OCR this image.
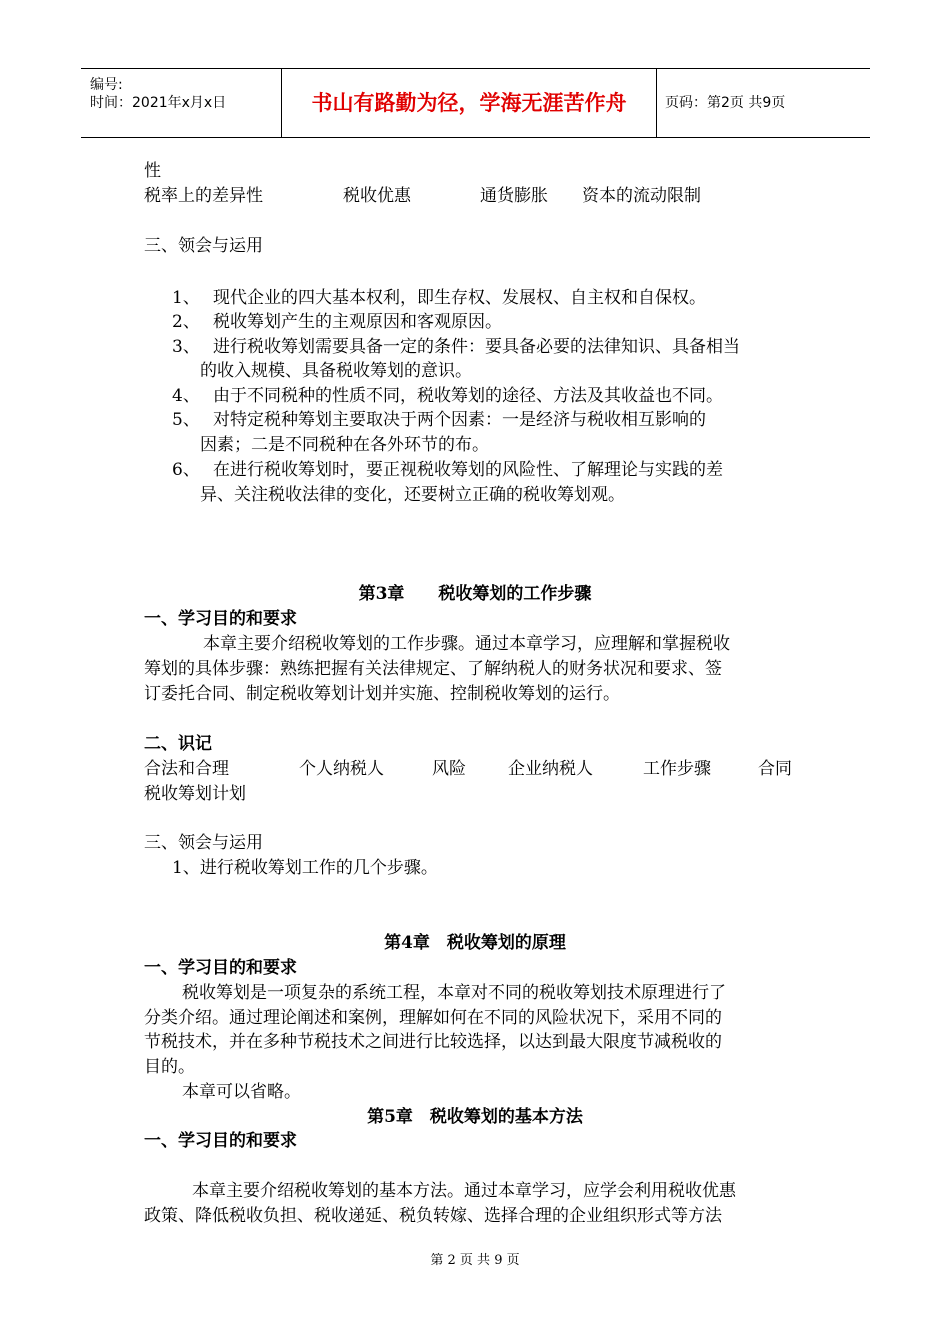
编号:
时间：2021年x月x日	书山有路勤为径，学海无涯苦作舟	页码：第2页 共9页
性
税率上的差异性	税收优惠	通货膨胀 资本的流动限制
三、领会与运用
1、 现代企业的四大基本权利，即生存权、发展权、自主权和自保权。
2、 税收筹划产生的主观原因和客观原因。
3、 进行税收筹划需要具备一定的条件：要具备必要的法律知识、具备相当
的收入规模、具备税收筹划的意识。
4、 由于不同税种的性质不同，税收筹划的途径、方法及其收益也不同。
5、 对特定税种筹划主要取决于两个因素：一是经济与税收相互影响的
因素；二是不同税种在各外环节的布。
6、 在进行税收筹划时，要正视税收筹划的风险性、了解理论与实践的差
异、关注税收法律的变化，还要树立正确的税收筹划观。
第3章　　税收筹划的工作步骤
一、学习目的和要求
本章主要介绍税收筹划的工作步骤。通过本章学习，应理解和掌握税收
筹划的具体步骤：熟练把握有关法律规定、了解纳税人的财务状况和要求、签
订委托合同、制定税收筹划计划并实施、控制税收筹划的运行。
二、识记
合法和合理	个人纳税人	风险 企业纳税人	工作步骤	合同
税收筹划计划
三、领会与运用
1、进行税收筹划工作的几个步骤。
第4章　税收筹划的原理
一、学习目的和要求
税收筹划是一项复杂的系统工程，本章对不同的税收筹划技术原理进行了
分类介绍。通过理论阐述和案例，理解如何在不同的风险状况下，采用不同的
节税技术，并在多种节税技术之间进行比较选择，以达到最大限度节减税收的
目的。
本章可以省略。
第5章　税收筹划的基本方法
一、学习目的和要求
本章主要介绍税收筹划的基本方法。通过本章学习，应学会利用税收优惠
政策、降低税收负担、税收递延、税负转嫁、选择合理的企业组织形式等方法
第 2 页 共 9 页
